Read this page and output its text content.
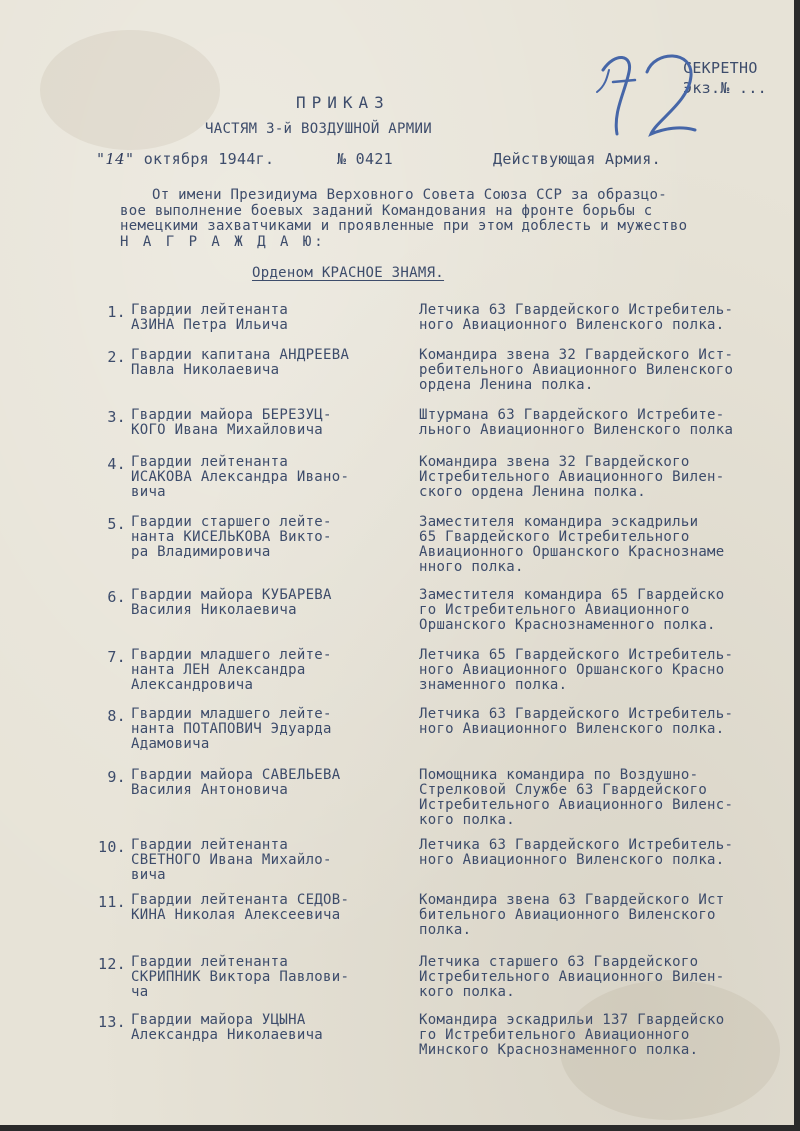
СЕКРЕТНО
Экз.№ ...
ПРИКАЗ
ЧАСТЯМ 3-й ВОЗДУШНОЙ АРМИИ
"14" октября 1944г.	№ 0421	Действующая Армия.
От имени Президиума Верховного Совета Союза ССР за образцо-
вое выполнение боевых заданий Командования на фронте борьбы с
немецкими захватчиками и проявленные при этом доблесть и мужество
Н А Г Р А Ж Д А Ю:
Орденом КРАСНОЕ ЗНАМЯ.
1. Гвардии лейтенанта
АЗИНА Петра Ильича
Летчика 63 Гвардейского Истребитель-
ного Авиационного Виленского полка.
2. Гвардии капитана АНДРЕЕВА
Павла Николаевича
Командира звена 32 Гвардейского Ист-
ребительного Авиационного Виленского
ордена Ленина полка.
3. Гвардии майора БЕРЕЗУЦ-
КОГО Ивана Михайловича
Штурмана 63 Гвардейского Истребите-
льного Авиационного Виленского полка
4. Гвардии лейтенанта
ИСАКОВА Александра Ивано-
вича
Командира звена 32 Гвардейского
Истребительного Авиационного Вилен-
ского ордена Ленина полка.
5. Гвардии старшего лейте-
нанта КИСЕЛЬКОВА Викто-
ра Владимировича
Заместителя командира эскадрильи
65 Гвардейского Истребительного
Авиационного Оршанского Краснознаме
нного полка.
6. Гвардии майора КУБАРЕВА
Василия Николаевича
Заместителя командира 65 Гвардейско
го Истребительного Авиационного
Оршанского Краснознаменного полка.
7. Гвардии младшего лейте-
нанта ЛЕН Александра
Александровича
Летчика 65 Гвардейского Истребитель-
ного Авиационного Оршанского Красно
знаменного полка.
8. Гвардии младшего лейте-
нанта ПОТАПОВИЧ Эдуарда
Адамовича
Летчика 63 Гвардейского Истребитель-
ного Авиационного Виленского полка.
9. Гвардии майора САВЕЛЬЕВА
Василия Антоновича
Помощника командира по Воздушно-
Стрелковой Службе 63 Гвардейского
Истребительного Авиационного Виленс-
кого полка.
10. Гвардии лейтенанта
СВЕТНОГО Ивана Михайло-
вича
Летчика 63 Гвардейского Истребитель-
ного Авиационного Виленского полка.
11. Гвардии лейтенанта СЕДОВ-
КИНА Николая Алексеевича
Командира звена 63 Гвардейского Ист
бительного Авиационного Виленского
полка.
12. Гвардии лейтенанта
СКРИПНИК Виктора Павлови-
ча
Летчика старшего 63 Гвардейского
Истребительного Авиационного Вилен-
кого полка.
13. Гвардии майора УЦЫНА
Александра Николаевича
Командира эскадрильи 137 Гвардейско
го Истребительного Авиационного
Минского Краснознаменного полка.
